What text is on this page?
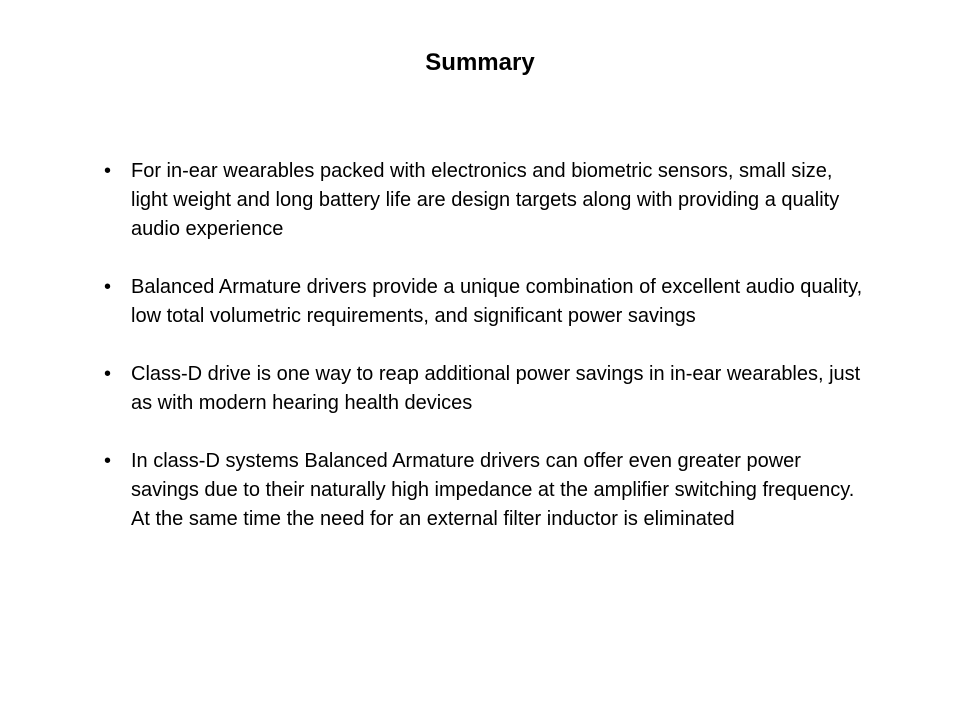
Summary
• For in-ear wearables packed with electronics and biometric sensors, small size, light weight and long battery life are design targets along with providing a quality audio experience
• Balanced Armature drivers provide a unique combination of excellent audio quality, low total volumetric requirements, and significant power savings
• Class-D drive is one way to reap additional power savings in in-ear wearables, just as with modern hearing health devices
• In class-D systems Balanced Armature drivers can offer even greater power savings due to their naturally high impedance at the amplifier switching frequency. At the same time the need for an external filter inductor is eliminated
